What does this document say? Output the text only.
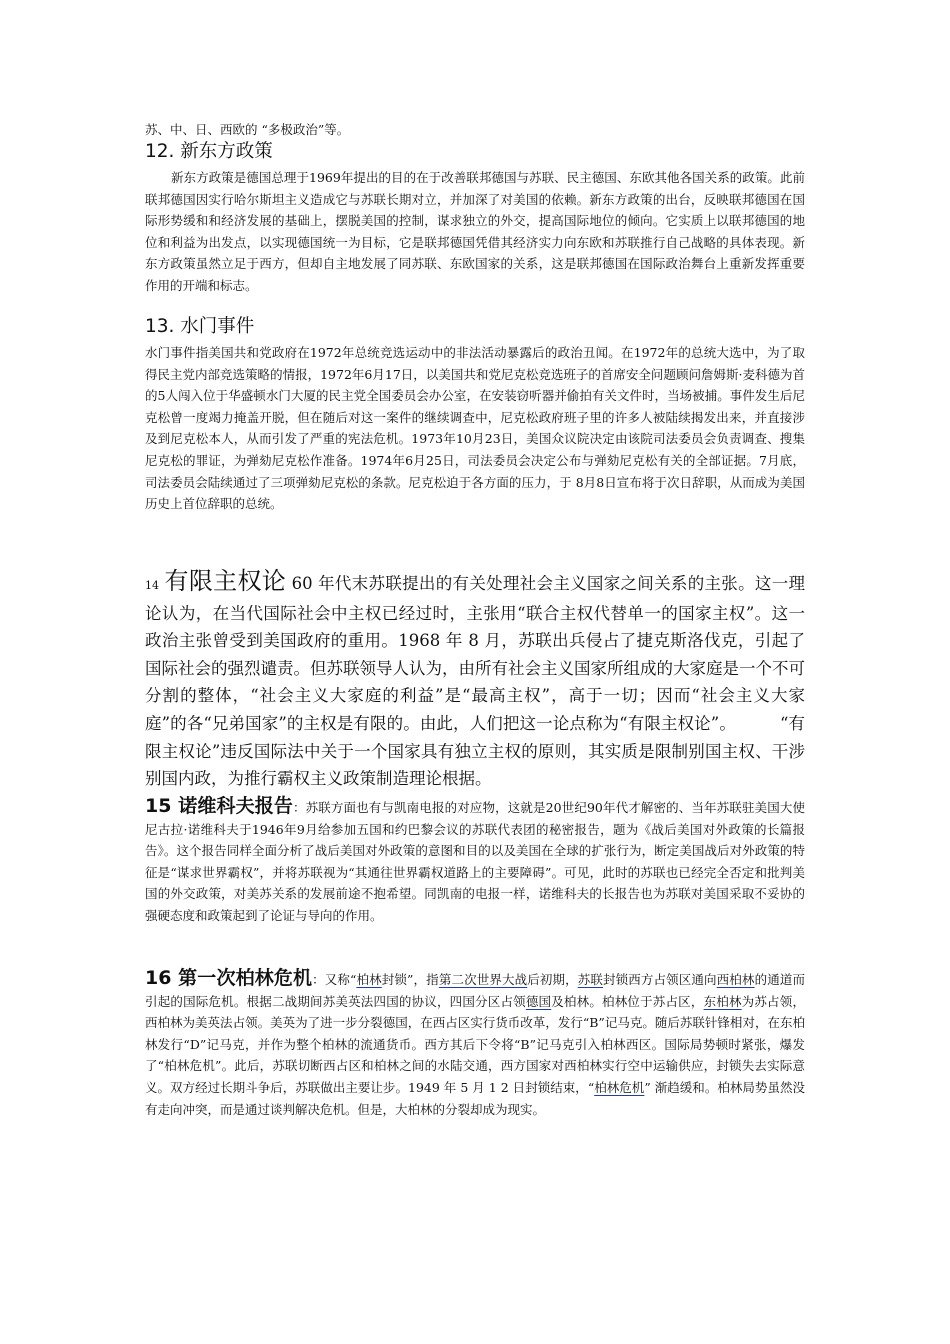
苏、中、日、西欧的 “多极政治”等。
12. 新东方政策
新东方政策是德国总理于1969年提出的目的在于改善联邦德国与苏联、民主德国、东欧其他各国关系的政策。此前联邦德国因实行哈尔斯坦主义造成它与苏联长期对立，并加深了对美国的依赖。新东方政策的出台，反映联邦德国在国际形势缓和和经济发展的基础上，摆脱美国的控制，谋求独立的外交，提高国际地位的倾向。它实质上以联邦德国的地位和利益为出发点，以实现德国统一为目标，它是联邦德国凭借其经济实力向东欧和苏联推行自己战略的具体表现。新东方政策虽然立足于西方，但却自主地发展了同苏联、东欧国家的关系，这是联邦德国在国际政治舞台上重新发挥重要作用的开端和标志。
13. 水门事件
水门事件指美国共和党政府在1972年总统竞选运动中的非法活动暴露后的政治丑闻。在1972年的总统大选中，为了取得民主党内部竞选策略的情报，1972年6月17日，以美国共和党尼克松竞选班子的首席安全问题顾问詹姆斯·麦科德为首的5人闯入位于华盛顿水门大厦的民主党全国委员会办公室，在安装窃听器并偷拍有关文件时，当场被捕。事件发生后尼克松曾一度竭力掩盖开脱，但在随后对这一案件的继续调查中，尼克松政府班子里的许多人被陆续揭发出来，并直接涉及到尼克松本人，从而引发了严重的宪法危机。1973年10月23日，美国众议院决定由该院司法委员会负责调查、搜集尼克松的罪证，为弹劾尼克松作准备。1974年6月25日，司法委员会决定公布与弹劾尼克松有关的全部证据。7月底，司法委员会陆续通过了三项弹劾尼克松的条款。尼克松迫于各方面的压力，于 8月8日宣布将于次日辞职，从而成为美国历史上首位辞职的总统。
14 有限主权论 60 年代末苏联提出的有关处理社会主义国家之间关系的主张。这一理论认为，在当代国际社会中主权已经过时，主张用“联合主权代替单一的国家主权”。这一政治主张曾受到美国政府的重用。1968 年 8 月，苏联出兵侵占了捷克斯洛伐克，引起了国际社会的强烈谴责。但苏联领导人认为，由所有社会主义国家所组成的大家庭是一个不可分割的整体，“社会主义大家庭的利益”是“最高主权”，高于一切；因而“社会主义大家庭”的各“兄弟国家”的主权是有限的。由此，人们把这一论点称为“有限主权论”。	“有限主权论”违反国际法中关于一个国家具有独立主权的原则，其实质是限制别国主权、干涉别国内政，为推行霸权主义政策制造理论根据。
15 诺维科夫报告：苏联方面也有与凯南电报的对应物，这就是20世纪90年代才解密的、当年苏联驻美国大使尼古拉·诺维科夫于1946年9月给参加五国和约巴黎会议的苏联代表团的秘密报告，题为《战后美国对外政策的长篇报告》。这个报告同样全面分析了战后美国对外政策的意图和目的以及美国在全球的扩张行为，断定美国战后对外政策的特征是“谋求世界霸权”，并将苏联视为“其通往世界霸权道路上的主要障碍”。可见，此时的苏联也已经完全否定和批判美国的外交政策，对美苏关系的发展前途不抱希望。同凯南的电报一样，诺维科夫的长报告也为苏联对美国采取不妥协的强硬态度和政策起到了论证与导向的作用。
16 第一次柏林危机：又称“柏林封锁”，指第二次世界大战后初期，苏联封锁西方占领区通向西柏林的通道而引起的国际危机。根据二战期间苏美英法四国的协议，四国分区占领德国及柏林。柏林位于苏占区，东柏林为苏占领，西柏林为美英法占领。美英为了进一步分裂德国，在西占区实行货币改革，发行“B”记马克。随后苏联针锋相对，在东柏林发行“D”记马克，并作为整个柏林的流通货币。西方其后下令将“B”记马克引入柏林西区。国际局势顿时紧张，爆发了“柏林危机”。此后，苏联切断西占区和柏林之间的水陆交通，西方国家对西柏林实行空中运输供应，封锁失去实际意义。双方经过长期斗争后，苏联做出主要让步。1949 年 5 月 1 2 日封锁结束，“柏林危机” 渐趋缓和。柏林局势虽然没有走向冲突，而是通过谈判解决危机。但是，大柏林的分裂却成为现实。
